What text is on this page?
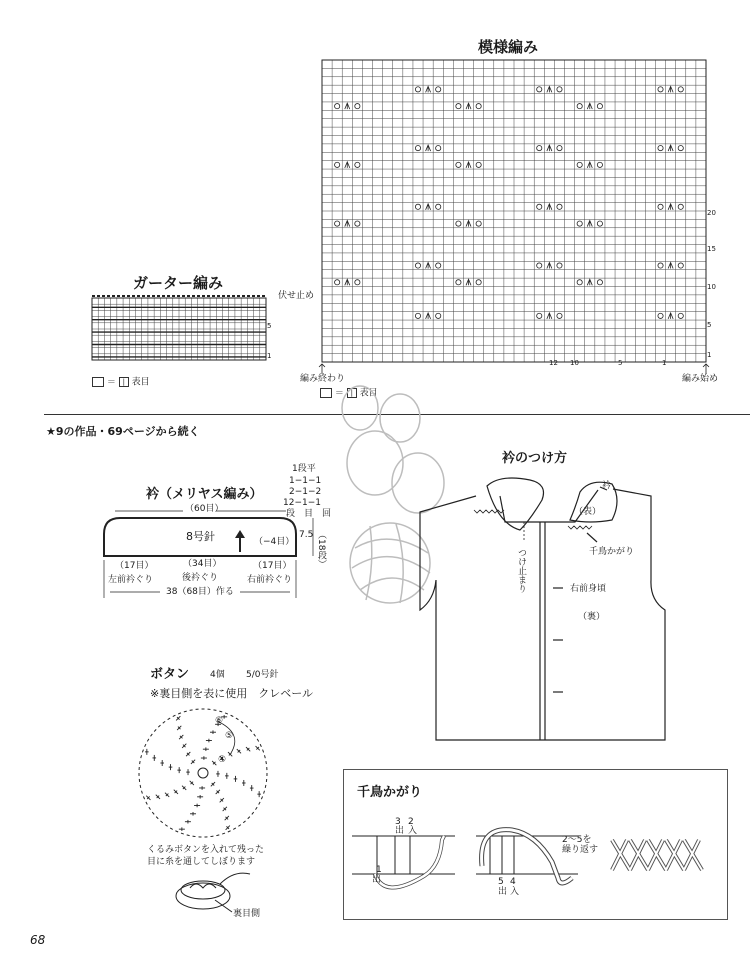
模様編み
編み終わり	編み始め
＝ | 表目
20
15
10
5
1
12 10	5	1
ガーター編み
伏せ止め
5
1
＝ | 表目
★9の作品・69ページから続く
衿（メリヤス編み）
（60目）
8号針	（−4目）
7.5 （18段）
1段平
1−1−1
2−1−2
12−1−1
段　目　回
（17目）
左前衿ぐり
（34目）
後衿ぐり
（17目）
右前衿ぐり
38（68目）作る
衿のつけ方
衿
（表）
千鳥かがり
つけ止まり	右前身頃
（裏）
ボタン 4個 5/0号針
※裏目側を表に使用　クレベール
⑥
⑤
④
くるみボタンを入れて残った
目に糸を通してしぼります
裏目側
千鳥かがり
3 2
出 入
1
出	5 4
出 入
2〜5を
繰り返す
68
